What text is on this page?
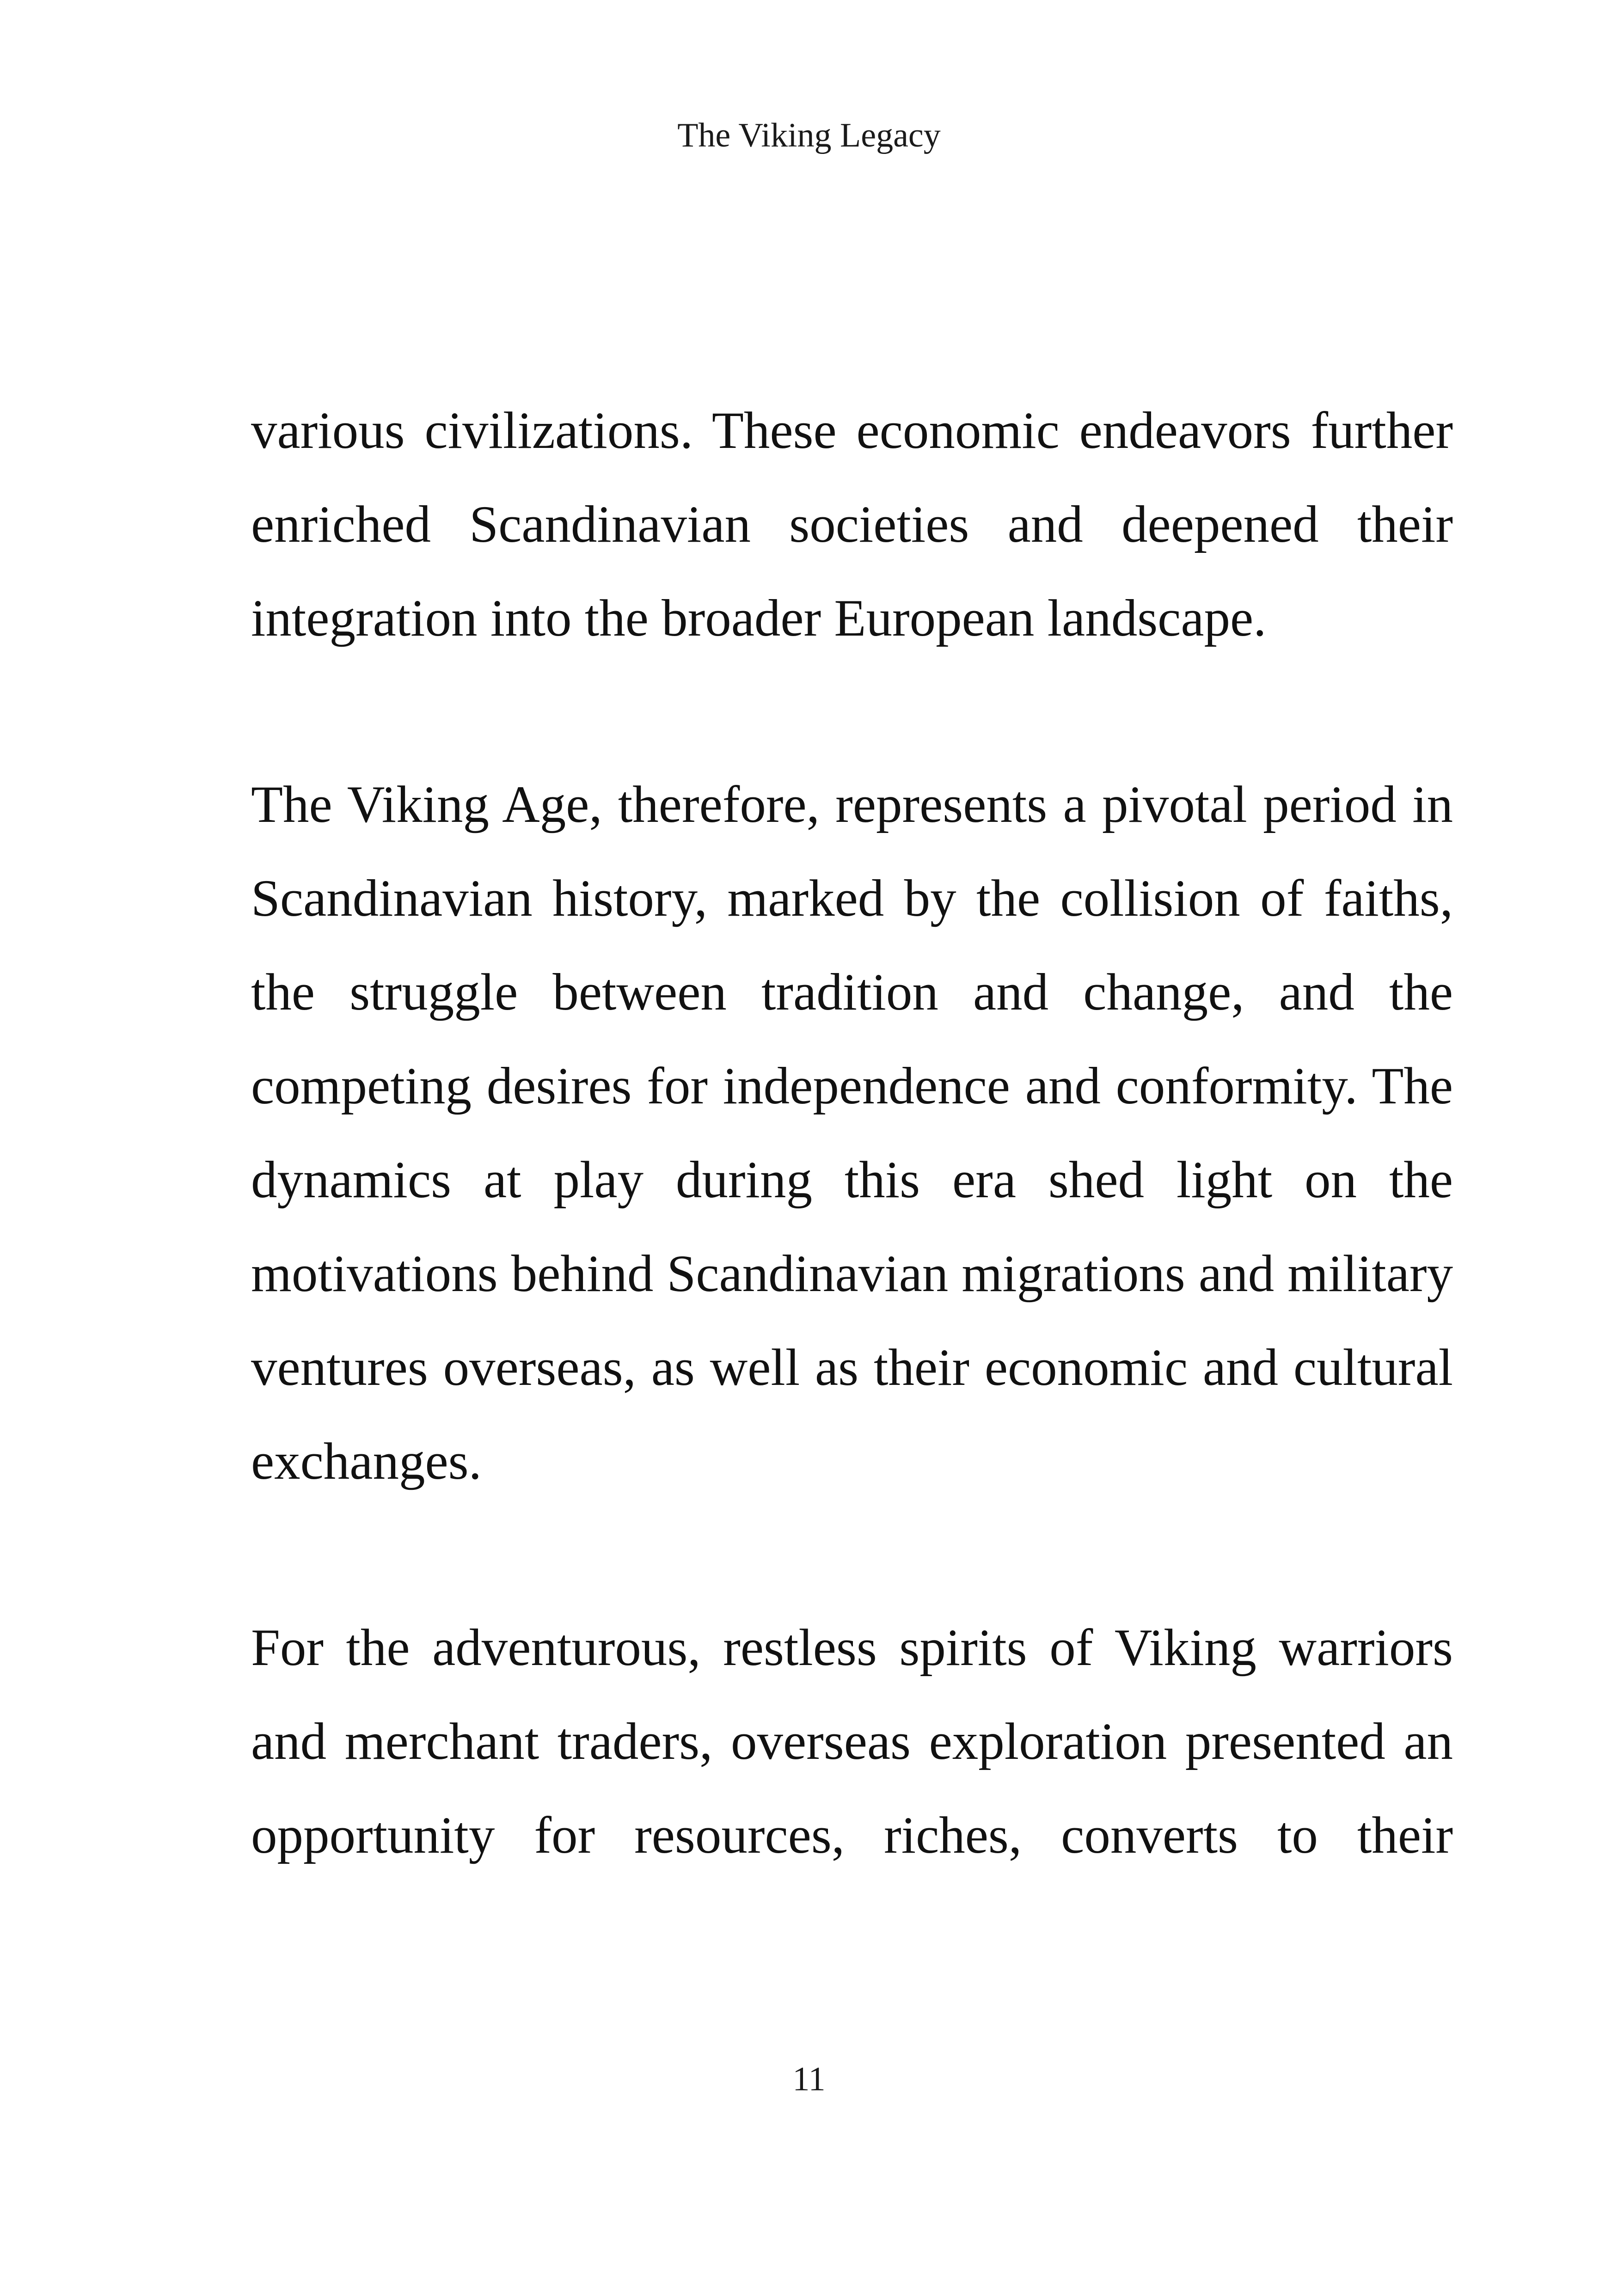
The Viking Legacy

various civilizations. These economic endeavors further enriched Scandinavian societies and deepened their integration into the broader European landscape.

The Viking Age, therefore, represents a pivotal period in Scandinavian history, marked by the collision of faiths, the struggle between tradition and change, and the competing desires for independence and conformity. The dynamics at play during this era shed light on the motivations behind Scandinavian migrations and military ventures overseas, as well as their economic and cultural exchanges.

For the adventurous, restless spirits of Viking warriors and merchant traders, overseas exploration presented an opportunity for resources, riches, converts to their

11
